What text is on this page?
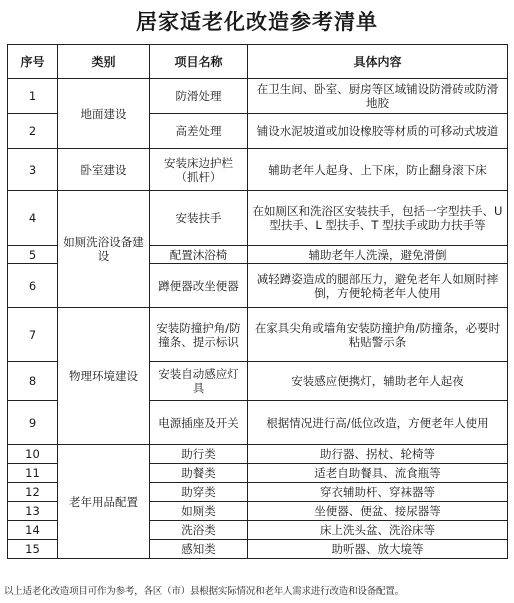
居家适老化改造参考清单
序号	类别	项目名称	具体内容
1	地面建设	防滑处理	在卫生间、卧室、厨房等区域铺设防滑砖或防滑地胶
2		高差处理	铺设水泥坡道或加设橡胶等材质的可移动式坡道
3	卧室建设	安装床边护栏（抓杆）	辅助老年人起身、上下床，防止翻身滚下床
4	如厕洗浴设备建设	安装扶手	在如厕区和洗浴区安装扶手，包括一字型扶手、U 型扶手、L 型扶手、T 型扶手或助力扶手等
5		配置沐浴椅	辅助老年人洗澡，避免滑倒
6		蹲便器改坐便器	减轻蹲姿造成的腿部压力，避免老年人如厕时摔倒，方便轮椅老年人使用
7	物理环境建设	安装防撞护角/防撞条、提示标识	在家具尖角或墙角安装防撞护角/防撞条，必要时粘贴警示条
8		安装自动感应灯具	安装感应便携灯，辅助老年人起夜
9		电源插座及开关	根据情况进行高/低位改造，方便老年人使用
10	老年用品配置	助行类	助行器、拐杖、轮椅等
11		助餐类	适老自助餐具、流食瓶等
12		助穿类	穿衣辅助杆、穿袜器等
13		如厕类	坐便器、便盆、接尿器等
14		洗浴类	床上洗头盆、洗浴床等
15		感知类	助听器、放大境等
以上适老化改造项目可作为参考，各区（市）县根据实际情况和老年人需求进行改造和设备配置。
